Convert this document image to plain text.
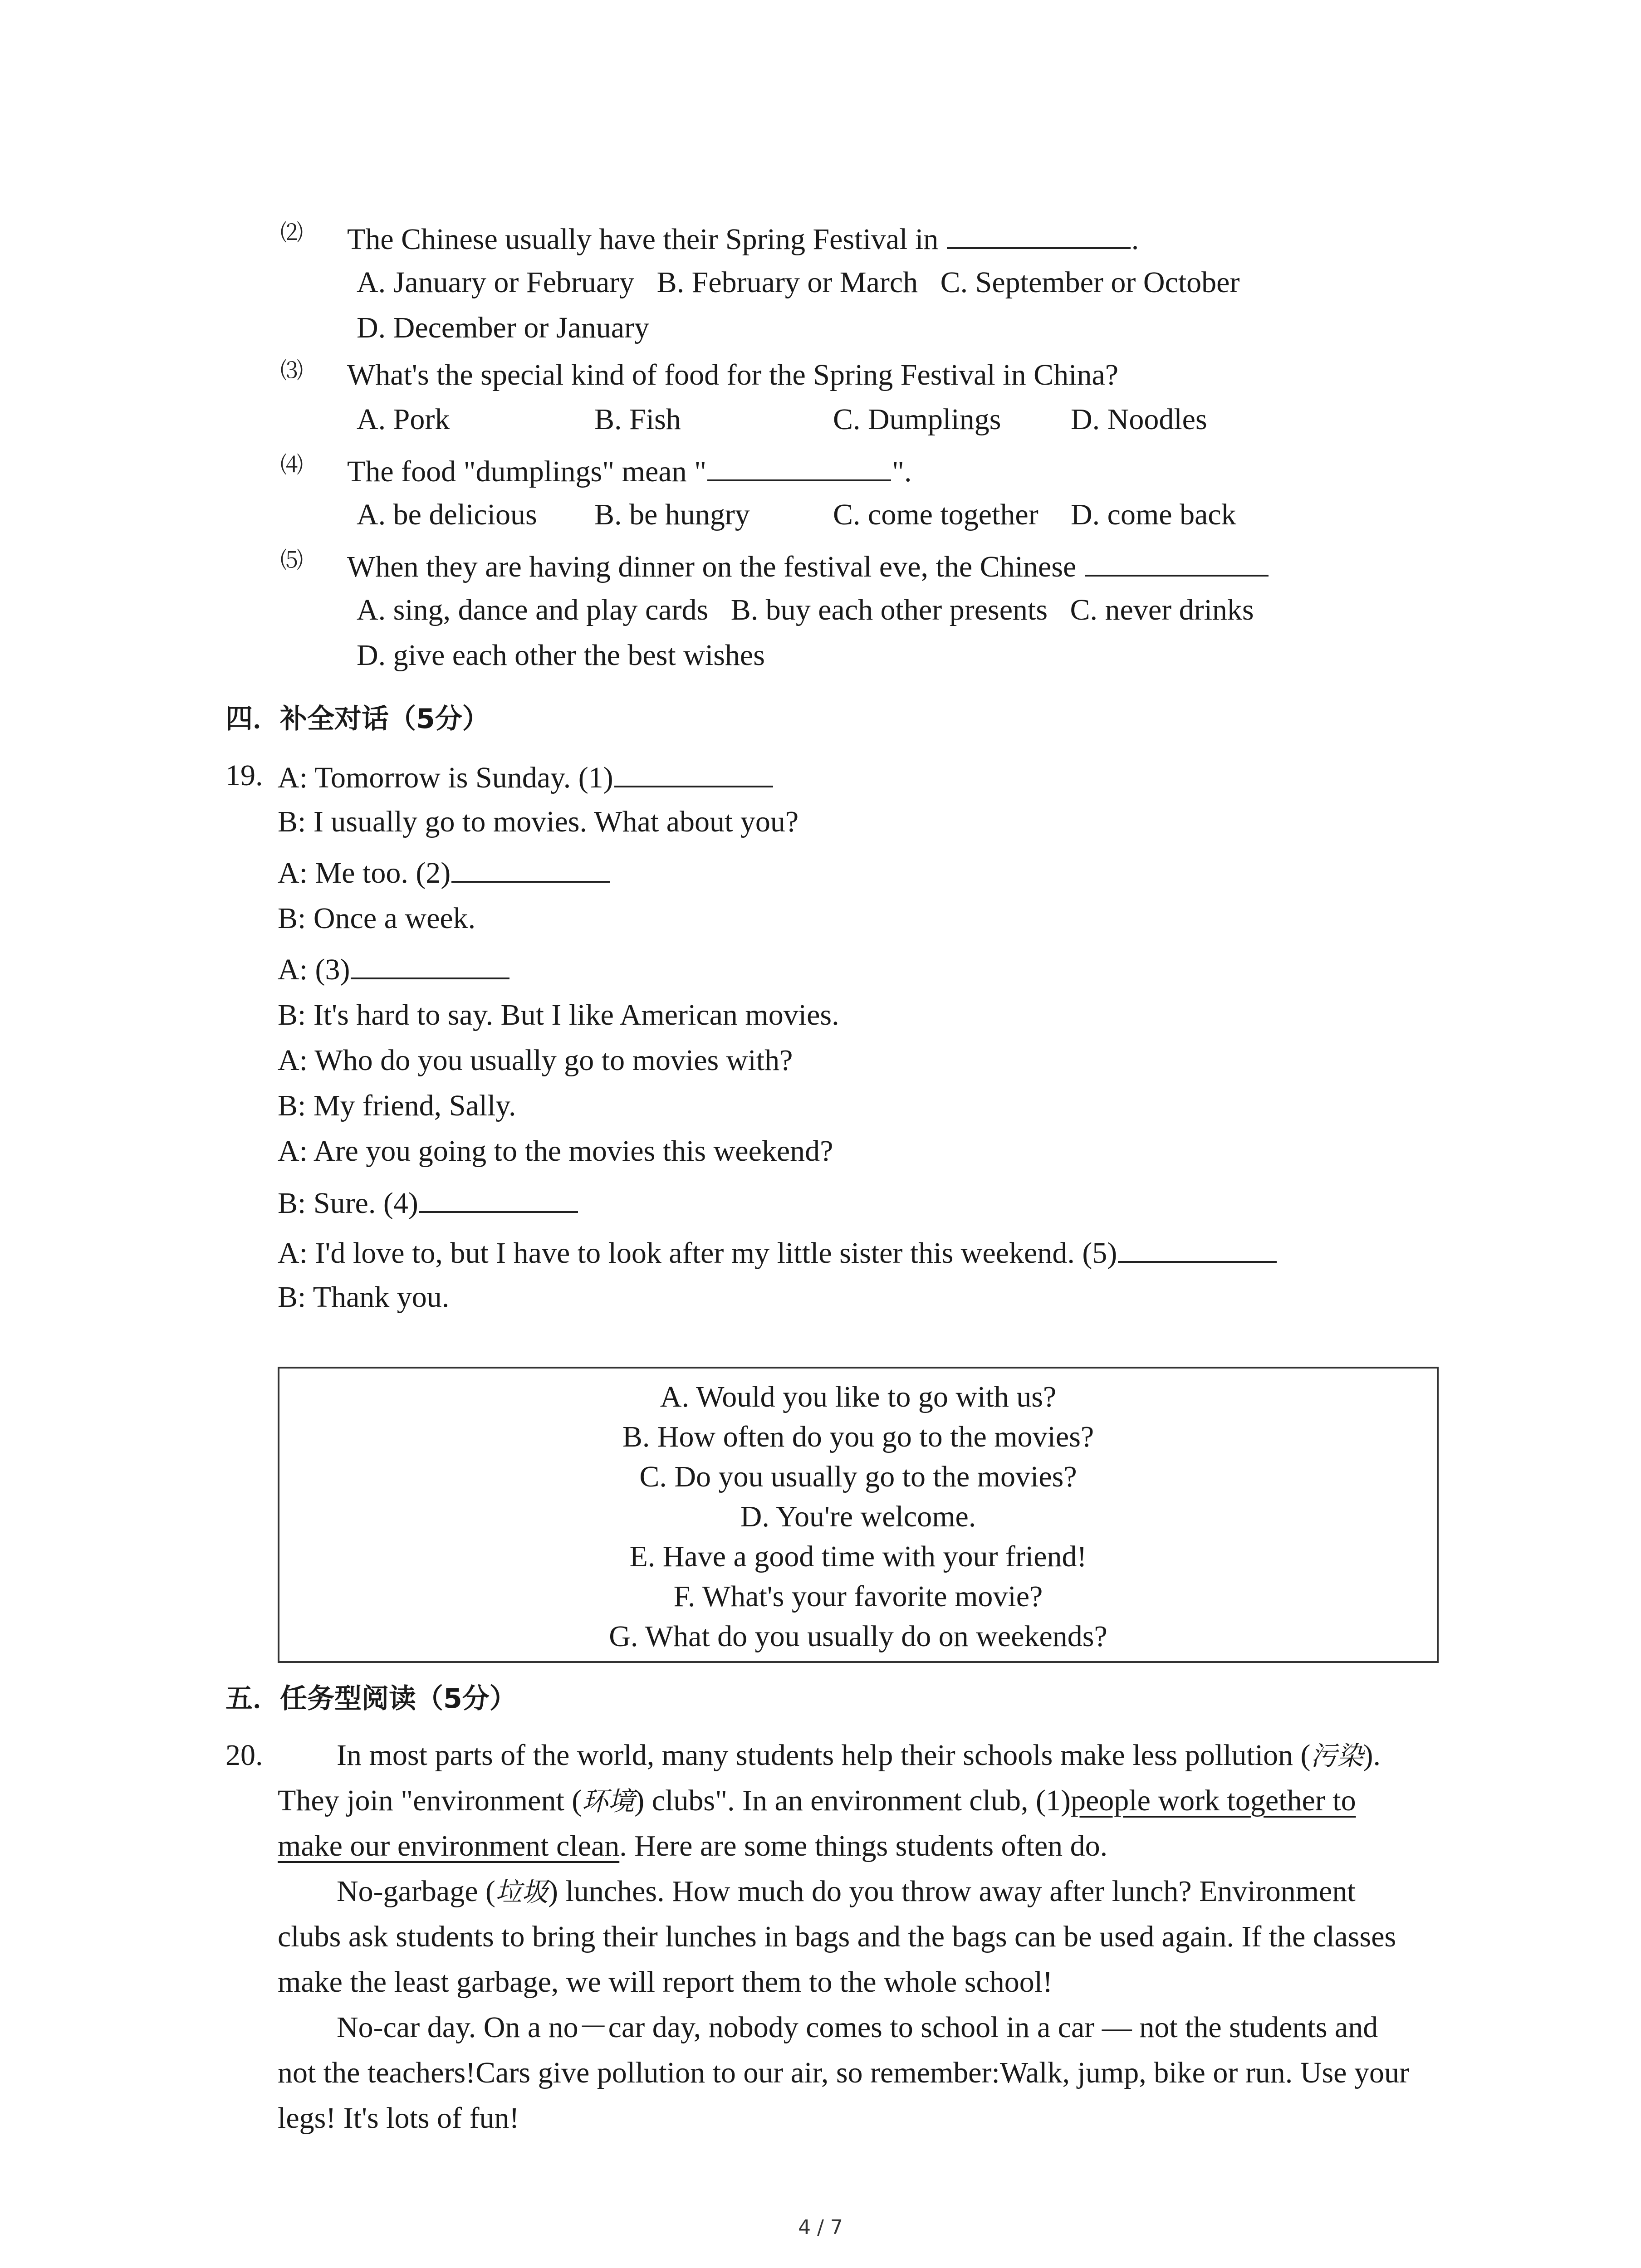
⑵ The Chinese usually have their Spring Festival in	.
A. January or February   B. February or March   C. September or October
D. December or January
⑶ What's the special kind of food for the Spring Festival in China?
A. Pork	B. Fish	C. Dumplings D. Noodles
⑷ The food "dumplings" mean "	".
A. be delicious B. be hungry	C. come together D. come back
⑸ When they are having dinner on the festival eve, the Chinese
A. sing, dance and play cards   B. buy each other presents   C. never drinks
D. give each other the best wishes
四．补全对话（5分）
19. A: Tomorrow is Sunday. (1)
B: I usually go to movies. What about you?
A: Me too. (2)
B: Once a week.
A: (3)
B: It's hard to say. But I like American movies.
A: Who do you usually go to movies with?
B: My friend, Sally.
A: Are you going to the movies this weekend?
B: Sure. (4)
A: I'd love to, but I have to look after my little sister this weekend. (5)
B: Thank you.
A. Would you like to go with us?
B. How often do you go to the movies?
C. Do you usually go to the movies?
D. You're welcome.
E. Have a good time with your friend!
F. What's your favorite movie?
G. What do you usually do on weekends?
五．任务型阅读（5分）
20. In most parts of the world, many students help their schools make less pollution (污染).
They join "environment (环境) clubs". In an environment club, (1)people work together to
make our environment clean. Here are some things students often do.
No-garbage (垃圾) lunches. How much do you throw away after lunch? Environment
clubs ask students to bring their lunches in bags and the bags can be used again. If the classes
make the least garbage, we will report them to the whole school!
No-car day. On a no－car day, nobody comes to school in a car — not the students and
not the teachers!Cars give pollution to our air, so remember:Walk, jump, bike or run. Use your
legs! It's lots of fun!
4 / 7
